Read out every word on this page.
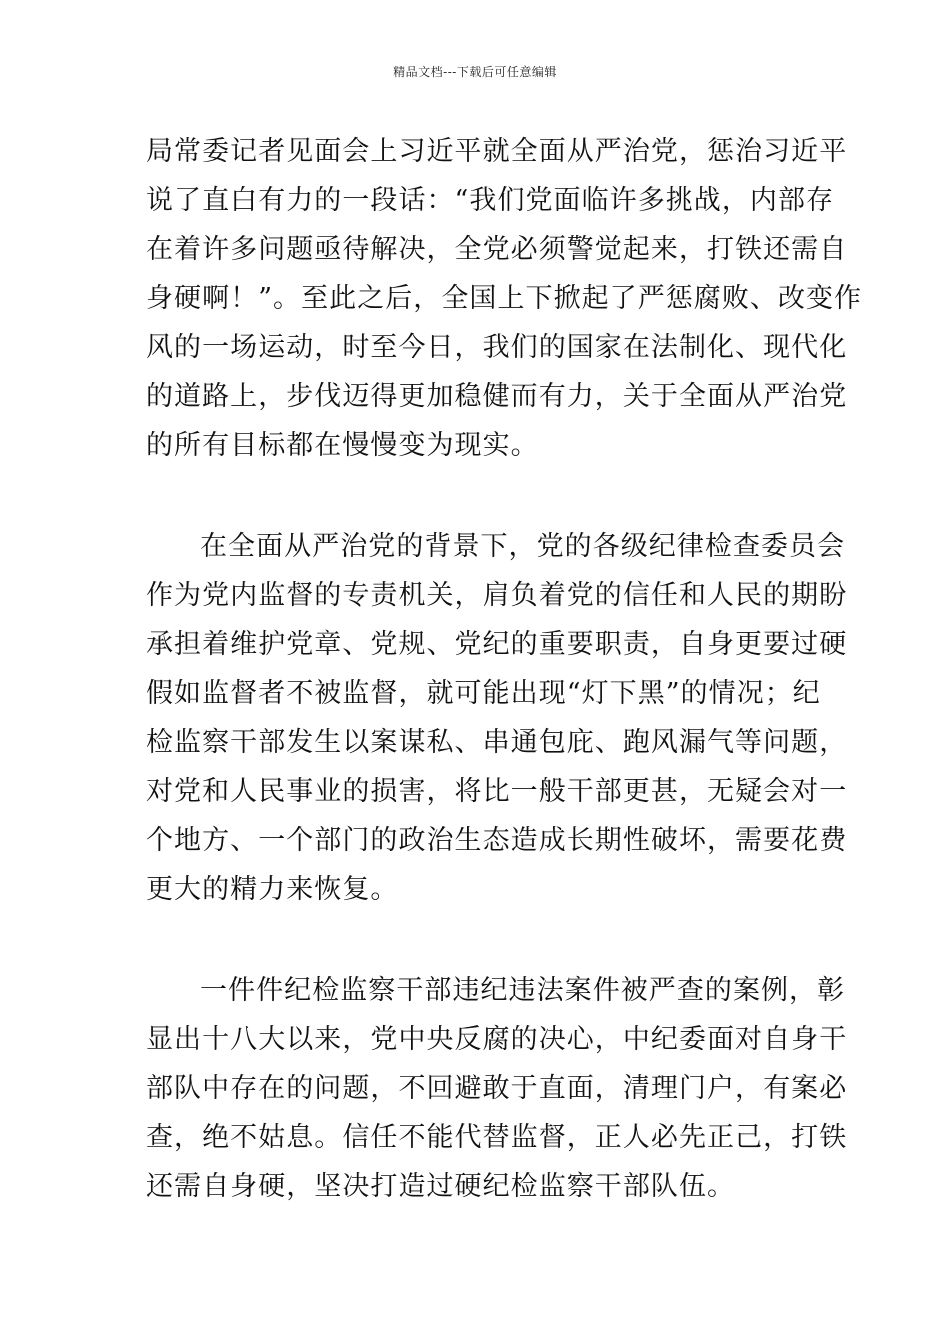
精品文档---下载后可任意编辑
局常委记者见面会上习近平就全面从严治党，惩治习近平
说了直白有力的一段话：“我们党面临许多挑战，内部存
在着许多问题亟待解决，全党必须警觉起来，打铁还需自
身硬啊！”。至此之后，全国上下掀起了严惩腐败、改变作
风的一场运动，时至今日，我们的国家在法制化、现代化
的道路上，步伐迈得更加稳健而有力，关于全面从严治党
的所有目标都在慢慢变为现实。
在全面从严治党的背景下，党的各级纪律检查委员会
作为党内监督的专责机关，肩负着党的信任和人民的期盼
承担着维护党章、党规、党纪的重要职责，自身更要过硬
假如监督者不被监督，就可能出现“灯下黑”的情况；纪
检监察干部发生以案谋私、串通包庇、跑风漏气等问题，
对党和人民事业的损害，将比一般干部更甚，无疑会对一
个地方、一个部门的政治生态造成长期性破坏，需要花费
更大的精力来恢复。
一件件纪检监察干部违纪违法案件被严查的案例，彰
显出十八大以来，党中央反腐的决心，中纪委面对自身干
部队中存在的问题，不回避敢于直面，清理门户，有案必
查，绝不姑息。信任不能代替监督，正人必先正己，打铁
还需自身硬，坚决打造过硬纪检监察干部队伍。
